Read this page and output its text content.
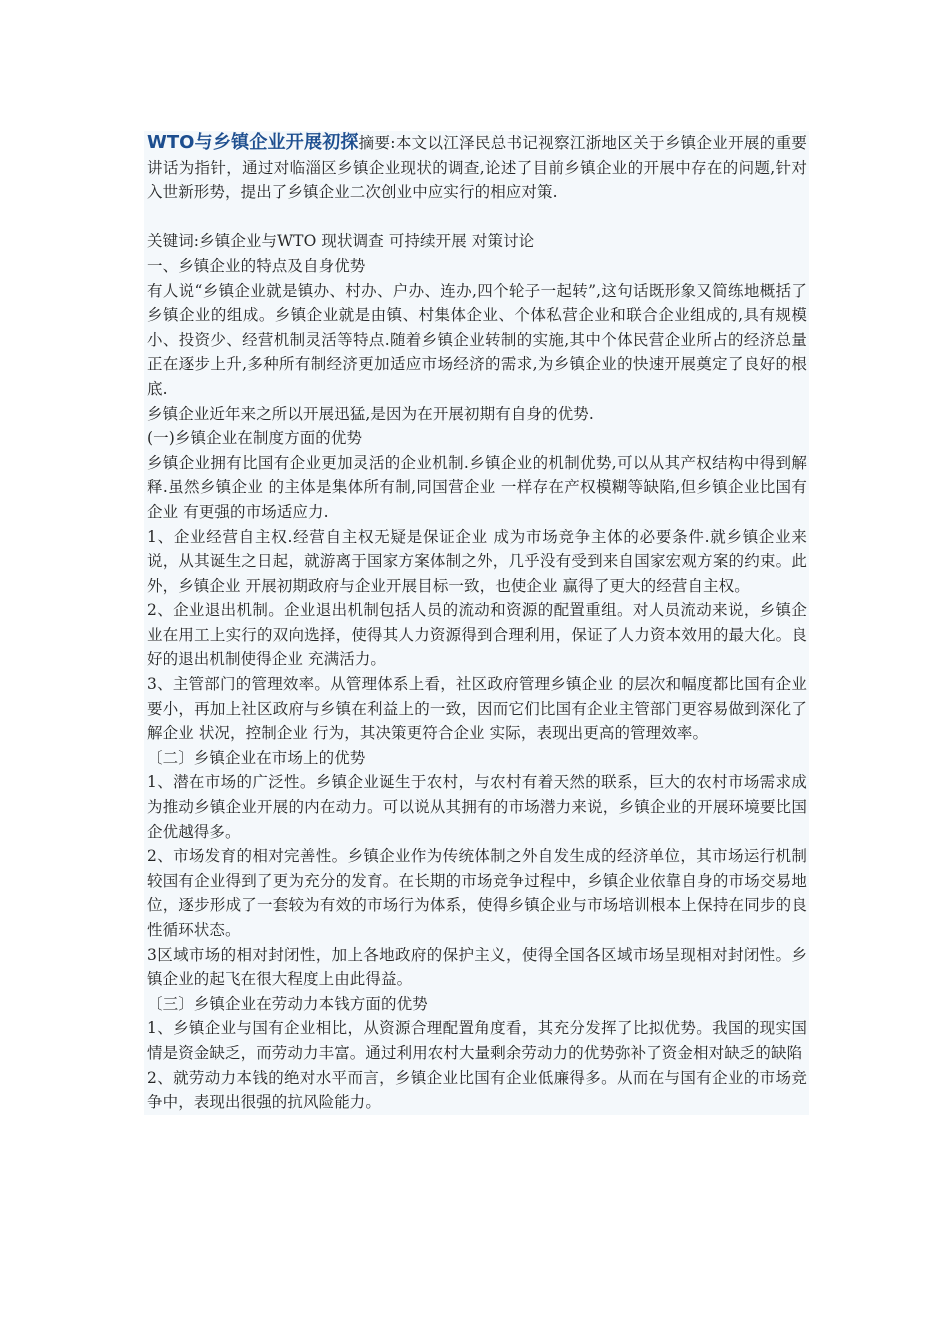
WTO与乡镇企业开展初探摘要:本文以江泽民总书记视察江浙地区关于乡镇企业开展的重要讲话为指针，通过对临淄区乡镇企业现状的调查,论述了目前乡镇企业的开展中存在的问题,针对入世新形势，提出了乡镇企业二次创业中应实行的相应对策.

关键词:乡镇企业与WTO 现状调查 可持续开展 对策讨论

一、乡镇企业的特点及自身优势

有人说“乡镇企业就是镇办、村办、户办、连办,四个轮子一起转”,这句话既形象又简练地概括了乡镇企业的组成。乡镇企业就是由镇、村集体企业、个体私营企业和联合企业组成的,具有规模小、投资少、经营机制灵活等特点.随着乡镇企业转制的实施,其中个体民营企业所占的经济总量正在逐步上升,多种所有制经济更加适应市场经济的需求,为乡镇企业的快速开展奠定了良好的根底.

乡镇企业近年来之所以开展迅猛,是因为在开展初期有自身的优势.

(一)乡镇企业在制度方面的优势

乡镇企业拥有比国有企业更加灵活的企业机制.乡镇企业的机制优势,可以从其产权结构中得到解释.虽然乡镇企业 的主体是集体所有制,同国营企业 一样存在产权模糊等缺陷,但乡镇企业比国有企业 有更强的市场适应力.

1、企业经营自主权.经营自主权无疑是保证企业 成为市场竞争主体的必要条件.就乡镇企业来说，从其诞生之日起，就游离于国家方案体制之外，几乎没有受到来自国家宏观方案的约束。此外，乡镇企业 开展初期政府与企业开展目标一致，也使企业 赢得了更大的经营自主权。

2、企业退出机制。企业退出机制包括人员的流动和资源的配置重组。对人员流动来说，乡镇企业在用工上实行的双向选择，使得其人力资源得到合理利用，保证了人力资本效用的最大化。良好的退出机制使得企业 充满活力。

3、主管部门的管理效率。从管理体系上看，社区政府管理乡镇企业 的层次和幅度都比国有企业要小，再加上社区政府与乡镇在利益上的一致，因而它们比国有企业主管部门更容易做到深化了解企业 状况，控制企业 行为，其决策更符合企业 实际，表现出更高的管理效率。

〔二〕乡镇企业在市场上的优势

1、潜在市场的广泛性。乡镇企业诞生于农村，与农村有着天然的联系，巨大的农村市场需求成为推动乡镇企业开展的内在动力。可以说从其拥有的市场潜力来说，乡镇企业的开展环境要比国企优越得多。

2、市场发育的相对完善性。乡镇企业作为传统体制之外自发生成的经济单位，其市场运行机制较国有企业得到了更为充分的发育。在长期的市场竞争过程中，乡镇企业依靠自身的市场交易地位，逐步形成了一套较为有效的市场行为体系，使得乡镇企业与市场培训根本上保持在同步的良性循环状态。

3区域市场的相对封闭性，加上各地政府的保护主义，使得全国各区域市场呈现相对封闭性。乡镇企业的起飞在很大程度上由此得益。

〔三〕乡镇企业在劳动力本钱方面的优势

1、乡镇企业与国有企业相比，从资源合理配置角度看，其充分发挥了比拟优势。我国的现实国情是资金缺乏，而劳动力丰富。通过利用农村大量剩余劳动力的优势弥补了资金相对缺乏的缺陷

2、就劳动力本钱的绝对水平而言，乡镇企业比国有企业低廉得多。从而在与国有企业的市场竞争中，表现出很强的抗风险能力。
